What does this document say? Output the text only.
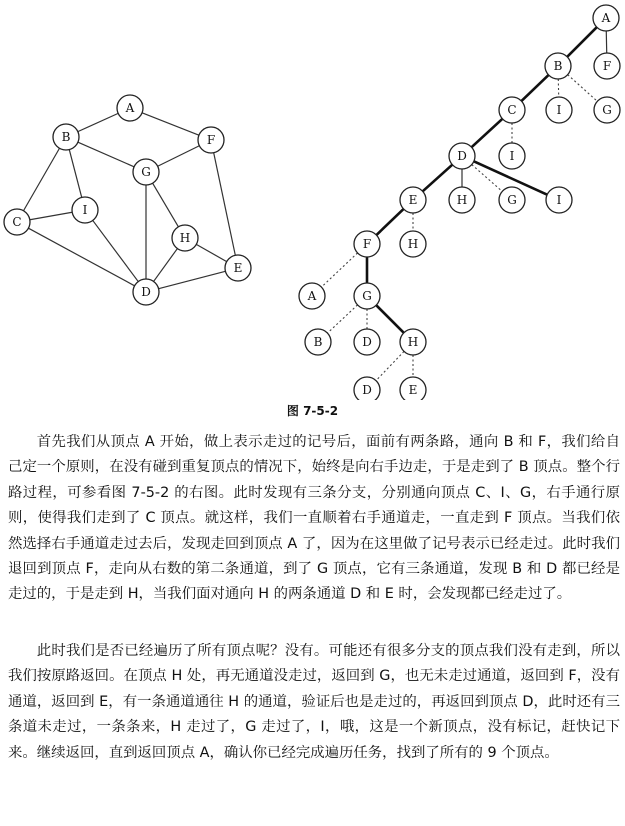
A
B
C
D
E
F
G
H
I
A
B	F
C	I	G
D	I
E	H	G	I
F	H
A	G
B	D	H
D	E
图 7-5-2

首先我们从顶点 A 开始，做上表示走过的记号后，面前有两条路，通向 B 和 F，我们给自己定一个原则，在没有碰到重复顶点的情况下，始终是向右手边走，于是走到了 B 顶点。整个行路过程，可参看图 7-5-2 的右图。此时发现有三条分支，分别通向顶点 C、I、G，右手通行原则，使得我们走到了 C 顶点。就这样，我们一直顺着右手通道走，一直走到 F 顶点。当我们依然选择右手通道走过去后，发现走回到顶点 A 了，因为在这里做了记号表示已经走过。此时我们退回到顶点 F，走向从右数的第二条通道，到了 G 顶点，它有三条通道，发现 B 和 D 都已经是走过的，于是走到 H，当我们面对通向 H 的两条通道 D 和 E 时，会发现都已经走过了。

此时我们是否已经遍历了所有顶点呢？没有。可能还有很多分支的顶点我们没有走到，所以我们按原路返回。在顶点 H 处，再无通道没走过，返回到 G，也无未走过通道，返回到 F，没有通道，返回到 E，有一条通道通往 H 的通道，验证后也是走过的，再返回到顶点 D，此时还有三条道未走过，一条条来，H 走过了，G 走过了，I，哦，这是一个新顶点，没有标记，赶快记下来。继续返回，直到返回顶点 A，确认你已经完成遍历任务，找到了所有的 9 个顶点。
